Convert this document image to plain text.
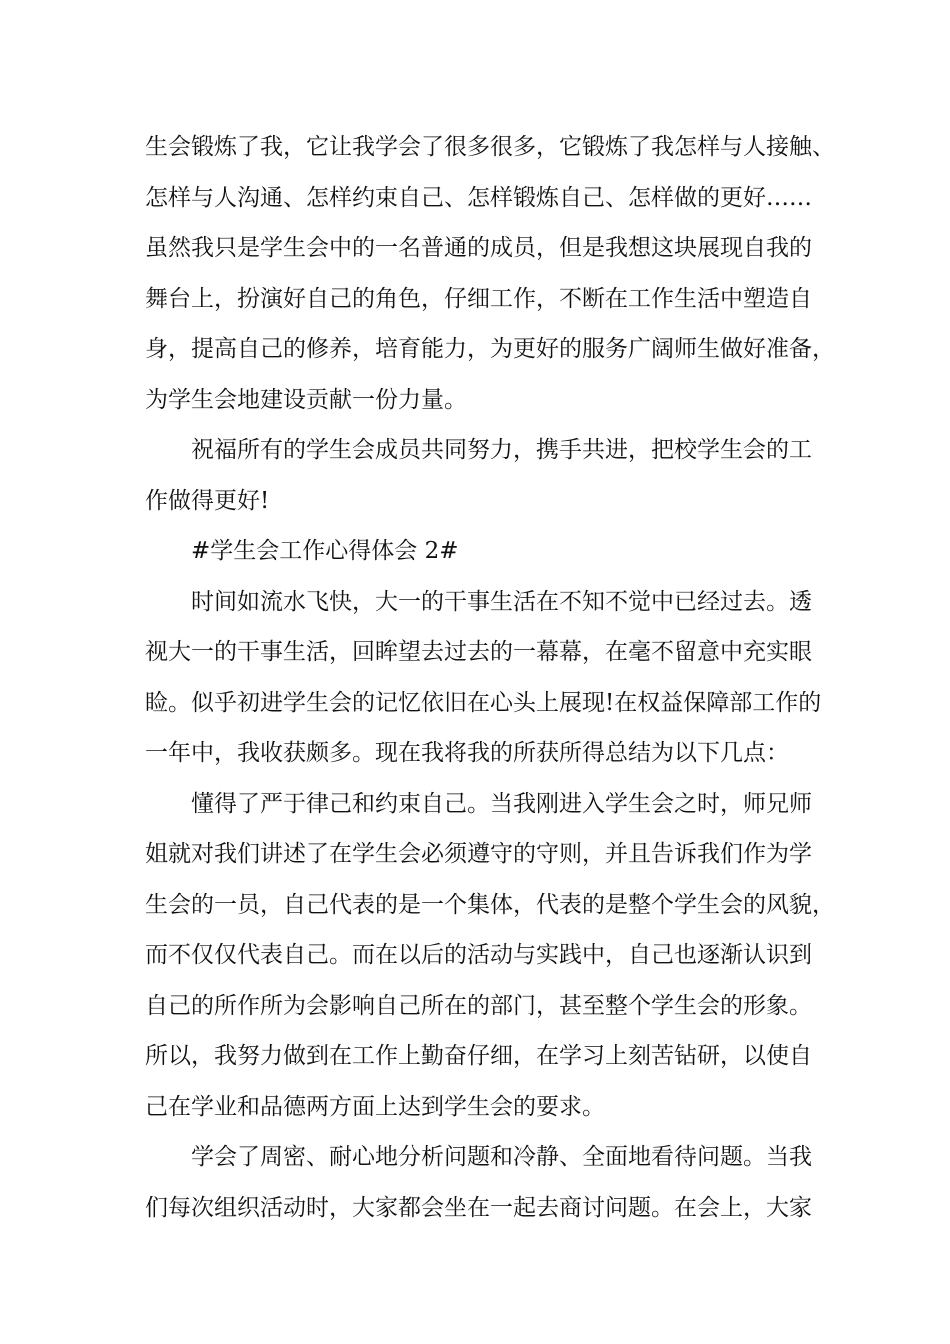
生会锻炼了我，它让我学会了很多很多，它锻炼了我怎样与人接触、
怎样与人沟通、怎样约束自己、怎样锻炼自己、怎样做的更好……
虽然我只是学生会中的一名普通的成员，但是我想这块展现自我的
舞台上，扮演好自己的角色，仔细工作，不断在工作生活中塑造自
身，提高自己的修养，培育能力，为更好的服务广阔师生做好准备，
为学生会地建设贡献一份力量。
祝福所有的学生会成员共同努力，携手共进，把校学生会的工
作做得更好!
#学生会工作心得体会 2#
时间如流水飞快，大一的干事生活在不知不觉中已经过去。透
视大一的干事生活，回眸望去过去的一幕幕，在毫不留意中充实眼
睑。似乎初进学生会的记忆依旧在心头上展现!在权益保障部工作的
一年中，我收获颇多。现在我将我的所获所得总结为以下几点：
懂得了严于律己和约束自己。当我刚进入学生会之时，师兄师
姐就对我们讲述了在学生会必须遵守的守则，并且告诉我们作为学
生会的一员，自己代表的是一个集体，代表的是整个学生会的风貌，
而不仅仅代表自己。而在以后的活动与实践中，自己也逐渐认识到
自己的所作所为会影响自己所在的部门，甚至整个学生会的形象。
所以，我努力做到在工作上勤奋仔细，在学习上刻苦钻研，以使自
己在学业和品德两方面上达到学生会的要求。
学会了周密、耐心地分析问题和冷静、全面地看待问题。当我
们每次组织活动时，大家都会坐在一起去商讨问题。在会上，大家
